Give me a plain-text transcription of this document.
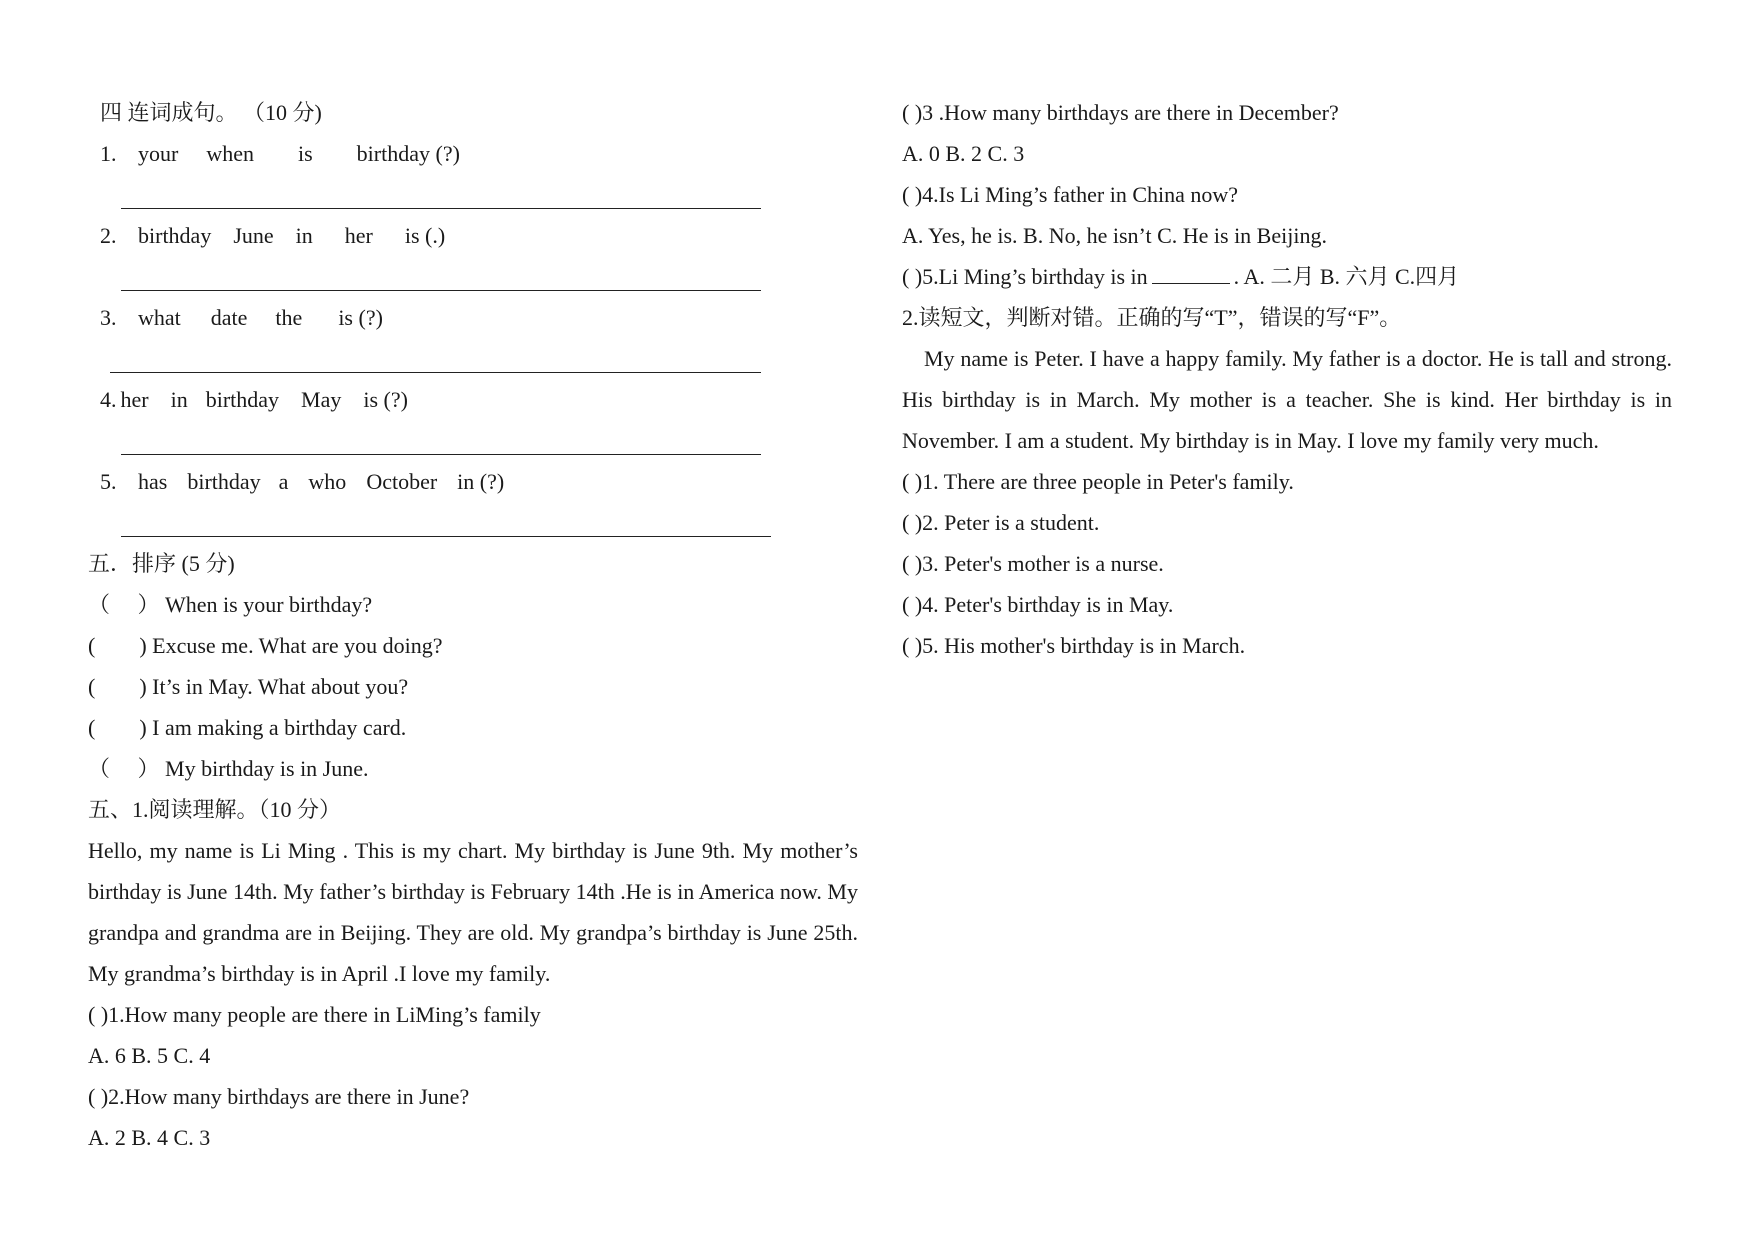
四 连词成句。 （10 分)
1. your when is birthday (?)
2. birthday June in her is (.)
3. what date the is (?)
4. her in birthday May is (?)
5. has birthday a who October in (?)
五．排序 (5 分)
（　 ） When is your birthday?
(　　) Excuse me. What are you doing?
(　　) It’s in May. What about you?
(　　) I am making a birthday card.
（　 ） My birthday is in June.
五、1.阅读理解。（10 分）
Hello, my name is Li Ming . This is my chart. My birthday is June 9th. My mother’s birthday is June 14th. My father’s birthday is February 14th .He is in America now. My grandpa and grandma are in Beijing. They are old. My grandpa’s birthday is June 25th. My grandma’s birthday is in April .I love my family.
( )1.How many people are there in LiMing’s family
A. 6 B. 5 C. 4
( )2.How many birthdays are there in June?
A. 2 B. 4 C. 3
( )3 .How many birthdays are there in December?
A. 0 B. 2 C. 3
( )4.Is Li Ming’s father in China now?
A. Yes, he is. B. No, he isn’t C. He is in Beijing.
( )5.Li Ming’s birthday is in	. A. 二月 B. 六月 C.四月
2.读短文，判断对错。正确的写“T”，错误的写“F”。
My name is Peter. I have a happy family. My father is a doctor. He is tall and strong. His birthday is in March. My mother is a teacher. She is kind. Her birthday is in November. I am a student. My birthday is in May. I love my family very much.
( )1. There are three people in Peter's family.
( )2. Peter is a student.
( )3. Peter's mother is a nurse.
( )4. Peter's birthday is in May.
( )5. His mother's birthday is in March.
